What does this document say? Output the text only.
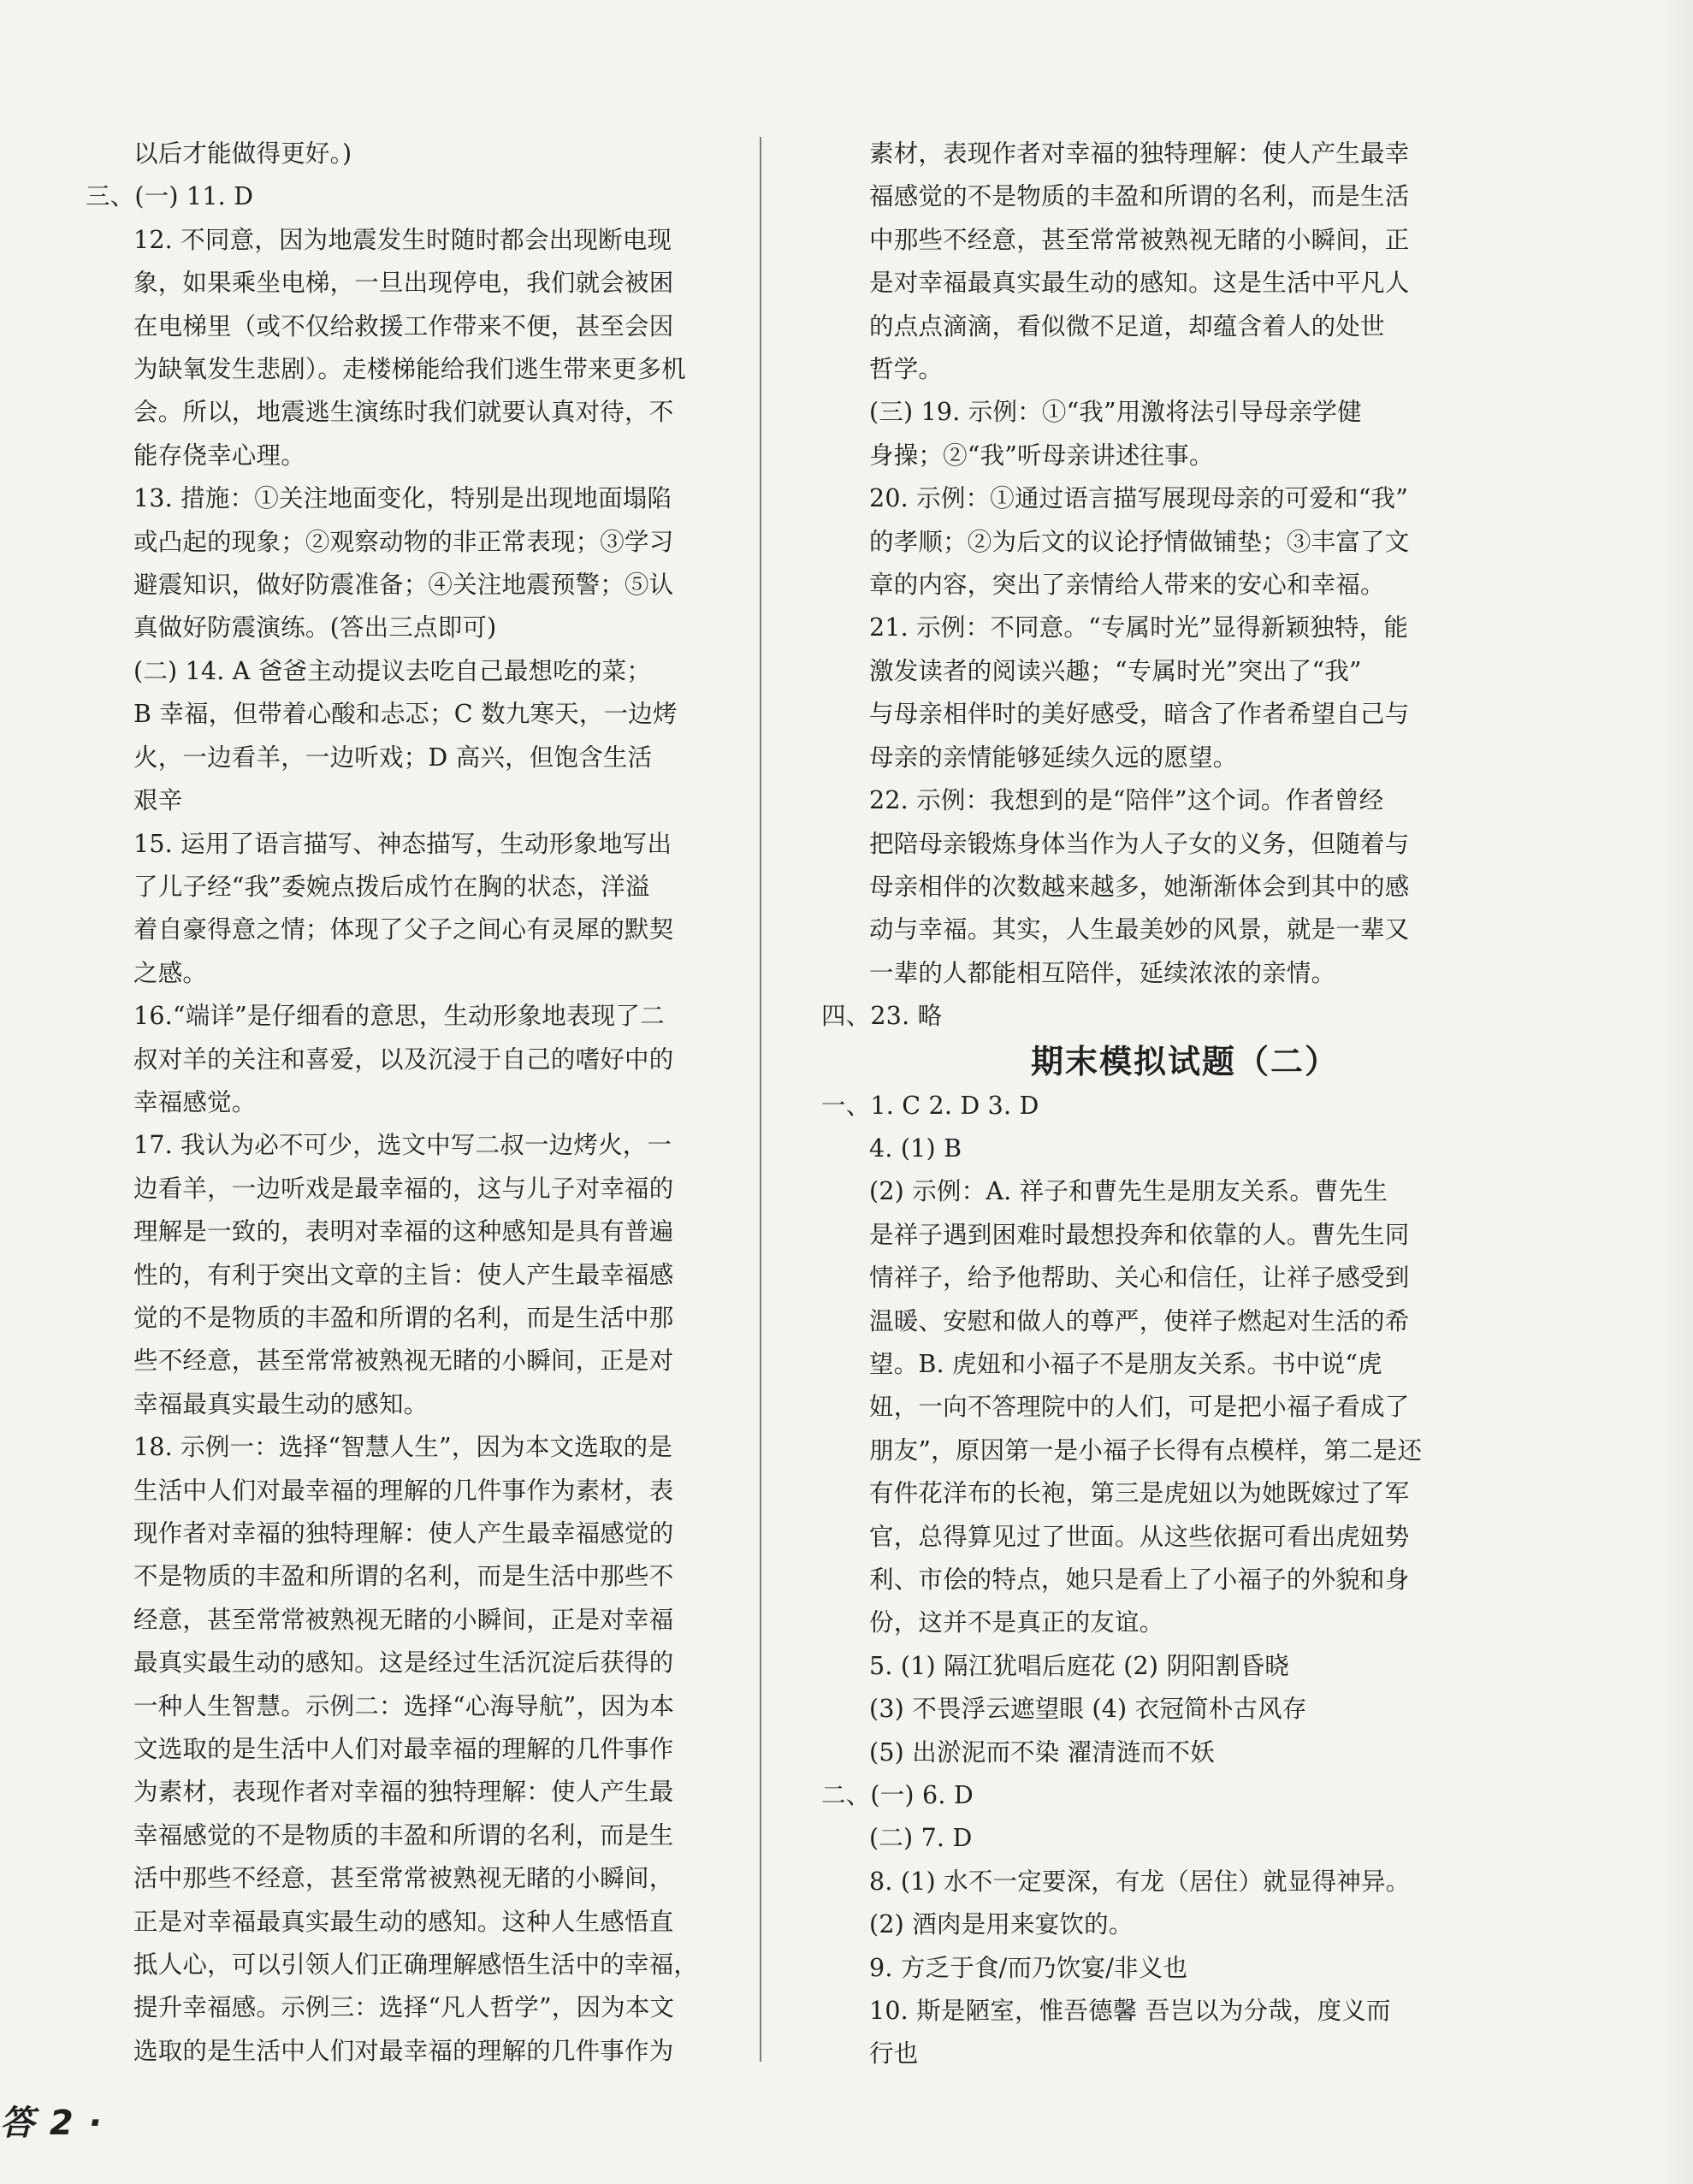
以后才能做得更好。)
三、(一) 11. D
12. 不同意，因为地震发生时随时都会出现断电现
象，如果乘坐电梯，一旦出现停电，我们就会被困
在电梯里（或不仅给救援工作带来不便，甚至会因
为缺氧发生悲剧）。走楼梯能给我们逃生带来更多机
会。所以，地震逃生演练时我们就要认真对待，不
能存侥幸心理。
13. 措施：①关注地面变化，特别是出现地面塌陷
或凸起的现象；②观察动物的非正常表现；③学习
避震知识，做好防震准备；④关注地震预警；⑤认
真做好防震演练。(答出三点即可)
(二) 14. A 爸爸主动提议去吃自己最想吃的菜；
B 幸福，但带着心酸和忐忑；C 数九寒天，一边烤
火，一边看羊，一边听戏；D 高兴，但饱含生活
艰辛
15. 运用了语言描写、神态描写，生动形象地写出
了儿子经“我”委婉点拨后成竹在胸的状态，洋溢
着自豪得意之情；体现了父子之间心有灵犀的默契
之感。
16.“端详”是仔细看的意思，生动形象地表现了二
叔对羊的关注和喜爱，以及沉浸于自己的嗜好中的
幸福感觉。
17. 我认为必不可少，选文中写二叔一边烤火，一
边看羊，一边听戏是最幸福的，这与儿子对幸福的
理解是一致的，表明对幸福的这种感知是具有普遍
性的，有利于突出文章的主旨：使人产生最幸福感
觉的不是物质的丰盈和所谓的名利，而是生活中那
些不经意，甚至常常被熟视无睹的小瞬间，正是对
幸福最真实最生动的感知。
18. 示例一：选择“智慧人生”，因为本文选取的是
生活中人们对最幸福的理解的几件事作为素材，表
现作者对幸福的独特理解：使人产生最幸福感觉的
不是物质的丰盈和所谓的名利，而是生活中那些不
经意，甚至常常被熟视无睹的小瞬间，正是对幸福
最真实最生动的感知。这是经过生活沉淀后获得的
一种人生智慧。示例二：选择“心海导航”，因为本
文选取的是生活中人们对最幸福的理解的几件事作
为素材，表现作者对幸福的独特理解：使人产生最
幸福感觉的不是物质的丰盈和所谓的名利，而是生
活中那些不经意，甚至常常被熟视无睹的小瞬间，
正是对幸福最真实最生动的感知。这种人生感悟直
抵人心，可以引领人们正确理解感悟生活中的幸福，
提升幸福感。示例三：选择“凡人哲学”，因为本文
选取的是生活中人们对最幸福的理解的几件事作为
素材，表现作者对幸福的独特理解：使人产生最幸
福感觉的不是物质的丰盈和所谓的名利，而是生活
中那些不经意，甚至常常被熟视无睹的小瞬间，正
是对幸福最真实最生动的感知。这是生活中平凡人
的点点滴滴，看似微不足道，却蕴含着人的处世
哲学。
(三) 19. 示例：①“我”用激将法引导母亲学健
身操；②“我”听母亲讲述往事。
20. 示例：①通过语言描写展现母亲的可爱和“我”
的孝顺；②为后文的议论抒情做铺垫；③丰富了文
章的内容，突出了亲情给人带来的安心和幸福。
21. 示例：不同意。“专属时光”显得新颖独特，能
激发读者的阅读兴趣；“专属时光”突出了“我”
与母亲相伴时的美好感受，暗含了作者希望自己与
母亲的亲情能够延续久远的愿望。
22. 示例：我想到的是“陪伴”这个词。作者曾经
把陪母亲锻炼身体当作为人子女的义务，但随着与
母亲相伴的次数越来越多，她渐渐体会到其中的感
动与幸福。其实，人生最美妙的风景，就是一辈又
一辈的人都能相互陪伴，延续浓浓的亲情。
四、23. 略
期末模拟试题（二）
一、1. C 2. D 3. D
4. (1) B
(2) 示例：A. 祥子和曹先生是朋友关系。曹先生
是祥子遇到困难时最想投奔和依靠的人。曹先生同
情祥子，给予他帮助、关心和信任，让祥子感受到
温暖、安慰和做人的尊严，使祥子燃起对生活的希
望。B. 虎妞和小福子不是朋友关系。书中说“虎
妞，一向不答理院中的人们，可是把小福子看成了
朋友”，原因第一是小福子长得有点模样，第二是还
有件花洋布的长袍，第三是虎妞以为她既嫁过了军
官，总得算见过了世面。从这些依据可看出虎妞势
利、市侩的特点，她只是看上了小福子的外貌和身
份，这并不是真正的友谊。
5. (1) 隔江犹唱后庭花 (2) 阴阳割昏晓
(3) 不畏浮云遮望眼 (4) 衣冠简朴古风存
(5) 出淤泥而不染 濯清涟而不妖
二、(一) 6. D
(二) 7. D
8. (1) 水不一定要深，有龙（居住）就显得神异。
(2) 酒肉是用来宴饮的。
9. 方乏于食/而乃饮宴/非义也
10. 斯是陋室，惟吾德馨 吾岂以为分哉，度义而
行也
答 2 ·
